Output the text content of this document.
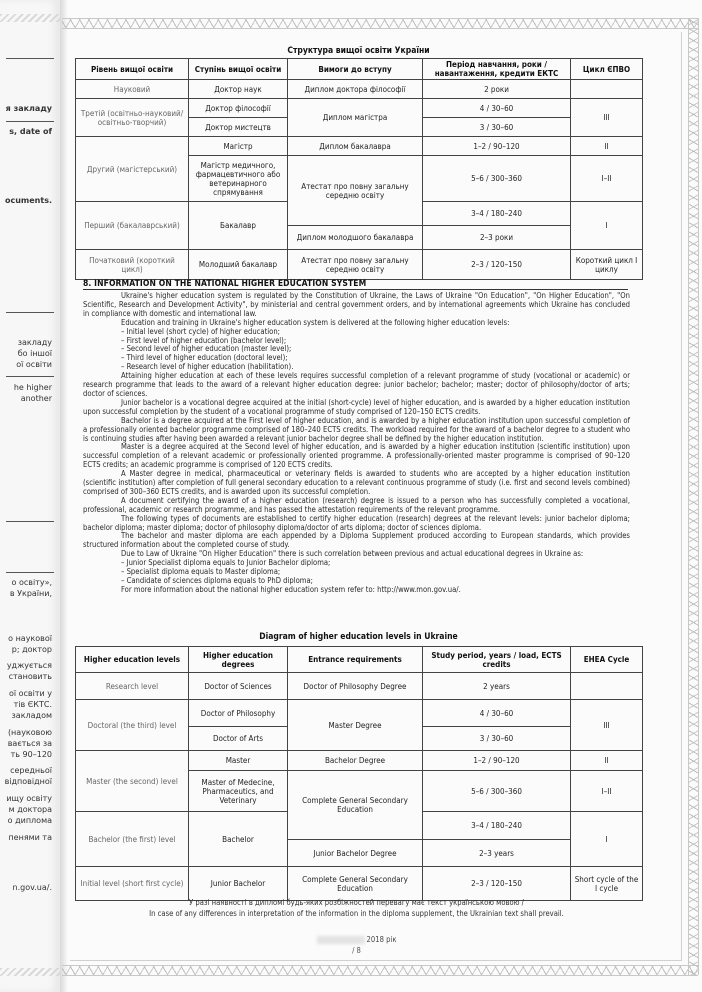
я закладу
s, date of
ocuments.
закладу
бо іншої
ої освіти
he higher
another
о освіту»,
в України,
о наукової
р; доктор
уджується
становить
ої освіти у
тів ЄКТС.
закладом
(науковою
вається за
ть 90–120
середньої
відповідної
ищу освіту
м доктора
о диплома
пенями та
n.gov.ua/.
Структура вищої освіти України
Рівень вищої освіти	Ступінь вищої освіти	Вимоги до вступу	Період навчання, роки / навантаження, кредити ЕКТС	Цикл ЄПВО
Науковий	Доктор наук	Диплом доктора філософії	2 роки	
Третій (освітньо-науковий/ освітньо-творчий)	Доктор філософії	Диплом магістра	4 / 30–60	III
	Доктор мистецтв		3 / 30–60	
Другий (магістерський)	Магістр	Диплом бакалавра	1–2 / 90–120	II
	Магістр медичного, фармацевтичного або ветеринарного спрямування	Атестат про повну загальну середню освіту	5–6 / 300–360	I–II
Перший (бакалаврський)	Бакалавр		3–4 / 180–240	I
		Диплом молодшого бакалавра	2–3 роки	
Початковий (короткий цикл)	Молодший бакалавр	Атестат про повну загальну середню освіту	2–3 / 120–150	Короткий цикл I циклу
8. INFORMATION ON THE NATIONAL HIGHER EDUCATION SYSTEM

Ukraine's higher education system is regulated by the Constitution of Ukraine, the Laws of Ukraine "On Education", "On Higher Education", "On Scientific, Research and Development Activity", by ministerial and central government orders, and by international agreements which Ukraine has concluded in compliance with domestic and international law.

Education and training in Ukraine's higher education system is delivered at the following higher education levels:

– Initial level (short cycle) of higher education;

– First level of higher education (bachelor level);

– Second level of higher education (master level);

– Third level of higher education (doctoral level);

– Research level of higher education (habilitation).

Attaining higher education at each of these levels requires successful completion of a relevant programme of study (vocational or academic) or research programme that leads to the award of a relevant higher education degree: junior bachelor; bachelor; master; doctor of philosophy/doctor of arts; doctor of sciences.

Junior bachelor is a vocational degree acquired at the initial (short-cycle) level of higher education, and is awarded by a higher education institution upon successful completion by the student of a vocational programme of study comprised of 120–150 ECTS credits.

Bachelor is a degree acquired at the First level of higher education, and is awarded by a higher education institution upon successful completion of a professionally oriented bachelor programme comprised of 180–240 ECTS credits. The workload required for the award of a bachelor degree to a student who is continuing studies after having been awarded a relevant junior bachelor degree shall be defined by the higher education institution.

Master is a degree acquired at the Second level of higher education, and is awarded by a higher education institution (scientific institution) upon successful completion of a relevant academic or professionally oriented programme. A professionally-oriented master programme is comprised of 90–120 ECTS credits; an academic programme is comprised of 120 ECTS credits.

A Master degree in medical, pharmaceutical or veterinary fields is awarded to students who are accepted by a higher education institution (scientific institution) after completion of full general secondary education to a relevant continuous programme of study (i.e. first and second levels combined) comprised of 300–360 ECTS credits, and is awarded upon its successful completion.

A document certifying the award of a higher education (research) degree is issued to a person who has successfully completed a vocational, professional, academic or research programme, and has passed the attestation requirements of the relevant programme.

The following types of documents are established to certify higher education (research) degrees at the relevant levels: junior bachelor diploma; bachelor diploma; master diploma; doctor of philosophy diploma/doctor of arts diploma; doctor of sciences diploma.

The bachelor and master diploma are each appended by a Diploma Supplement produced according to European standards, which provides structured information about the completed course of study.

Due to Law of Ukraine "On Higher Education" there is such correlation between previous and actual educational degrees in Ukraine as:

– Junior Specialist diploma equals to Junior Bachelor diploma;

– Specialist diploma equals to Master diploma;

– Candidate of sciences diploma equals to PhD diploma;

For more information about the national higher education system refer to: http://www.mon.gov.ua/.

Diagram of higher education levels in Ukraine
Higher education levels	Higher education degrees	Entrance requirements	Study period, years / load, ECTS credits	EHEA Cycle
Research level	Doctor of Sciences	Doctor of Philosophy Degree	2 years	
Doctoral (the third) level	Doctor of Philosophy	Master Degree	4 / 30–60	III
	Doctor of Arts		3 / 30–60	
Master (the second) level	Master	Bachelor Degree	1–2 / 90–120	II
	Master of Medecine, Pharmaceutics, and Veterinary	Complete General Secondary Education	5–6 / 300–360	I–II
Bachelor (the first) level	Bachelor		3–4 / 180–240	I
		Junior Bachelor Degree	2–3 years	
Initial level (short first cycle)	Junior Bachelor	Complete General Secondary Education	2–3 / 120–150	Short cycle of the I cycle
У разі наявності в дипломі будь-яких розбіжностей перевагу має текст українською мовою /
In case of any differences in interpretation of the information in the diploma supplement, the Ukrainian text shall prevail.
2018 рік
/ 8
